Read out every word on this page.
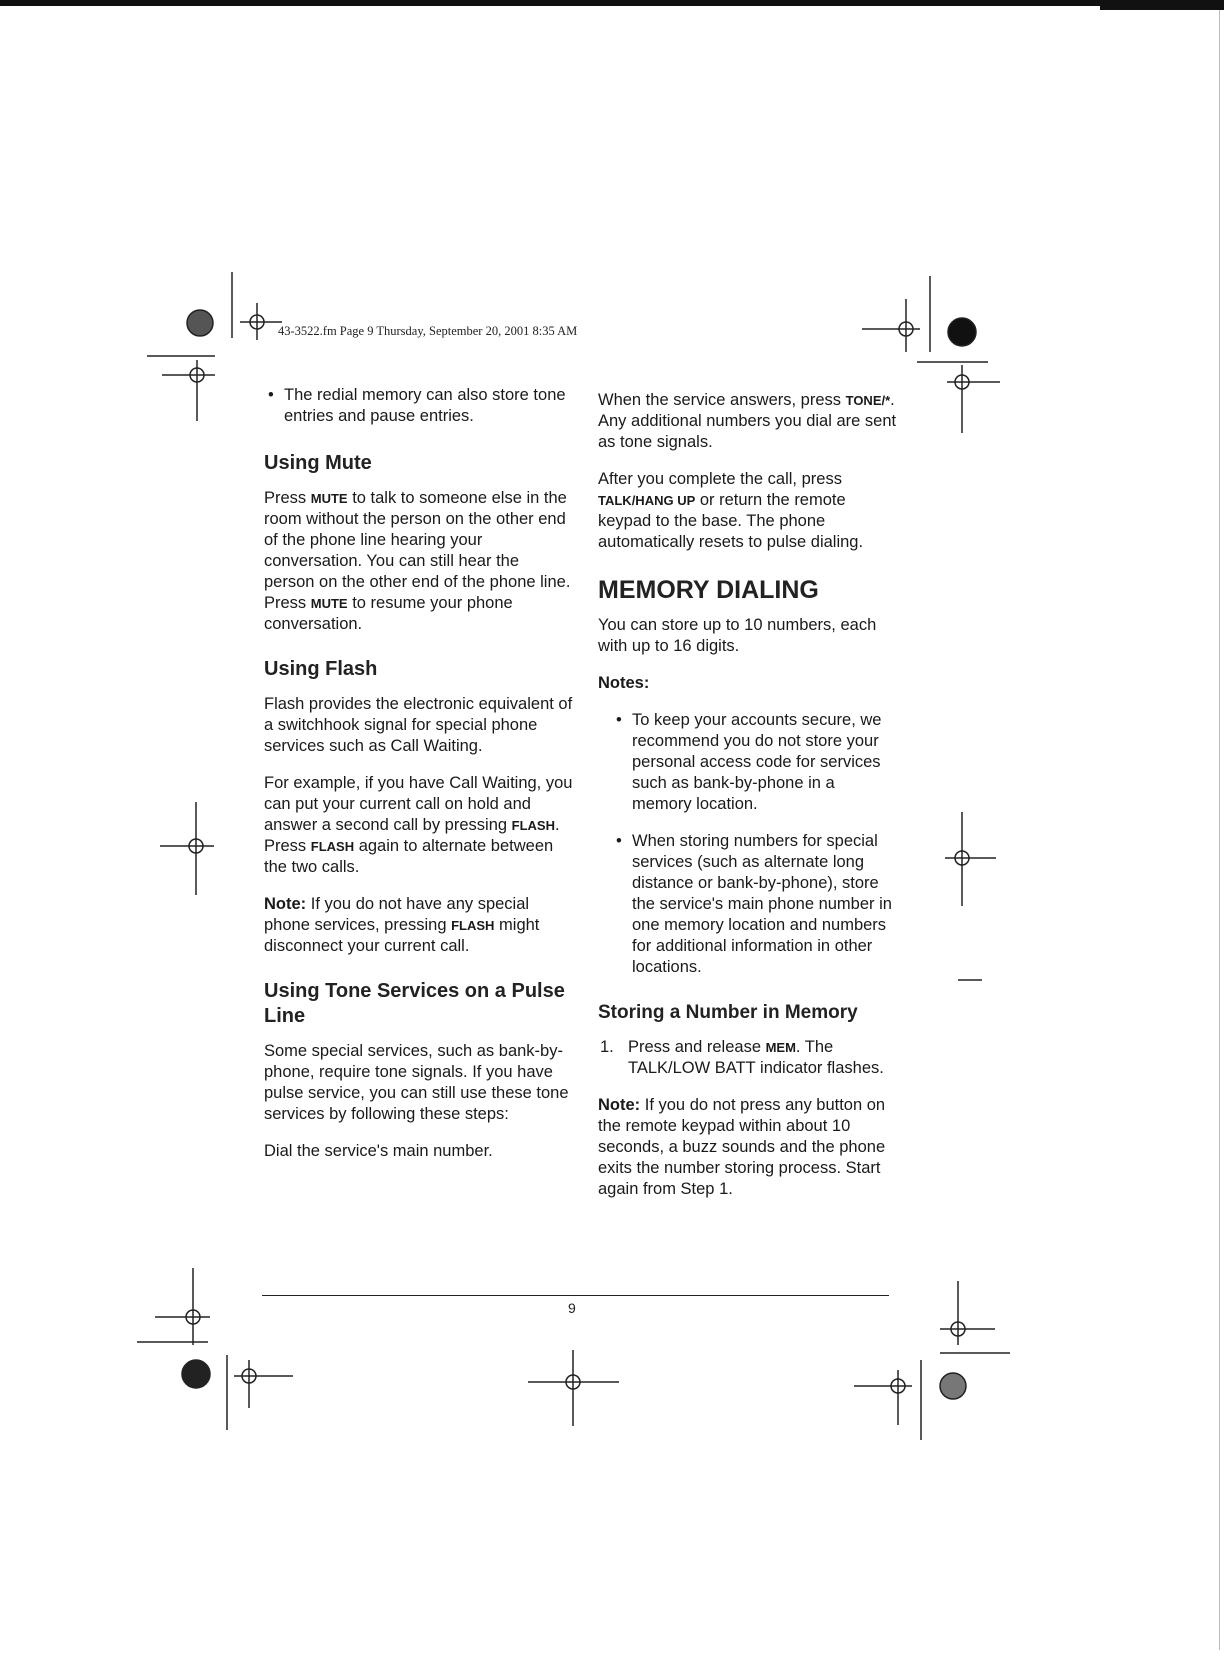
43-3522.fm Page 9 Thursday, September 20, 2001 8:35 AM

• The redial memory can also store tone entries and pause entries.

Using Mute

Press MUTE to talk to someone else in the room without the person on the other end of the phone line hearing your conversation. You can still hear the person on the other end of the phone line. Press MUTE to resume your phone conversation.

Using Flash

Flash provides the electronic equivalent of a switchhook signal for special phone services such as Call Waiting.

For example, if you have Call Waiting, you can put your current call on hold and answer a second call by pressing FLASH. Press FLASH again to alternate between the two calls.

Note: If you do not have any special phone services, pressing FLASH might disconnect your current call.

Using Tone Services on a Pulse Line

Some special services, such as bank-by-phone, require tone signals. If you have pulse service, you can still use these tone services by following these steps:

Dial the service's main number.

When the service answers, press TONE/*. Any additional numbers you dial are sent as tone signals.

After you complete the call, press TALK/HANG UP or return the remote keypad to the base. The phone automatically resets to pulse dialing.

MEMORY DIALING

You can store up to 10 numbers, each with up to 16 digits.

Notes:

• To keep your accounts secure, we recommend you do not store your personal access code for services such as bank-by-phone in a memory location.

• When storing numbers for special services (such as alternate long distance or bank-by-phone), store the service's main phone number in one memory location and numbers for additional information in other locations.

Storing a Number in Memory

1. Press and release MEM. The TALK/LOW BATT indicator flashes.

Note: If you do not press any button on the remote keypad within about 10 seconds, a buzz sounds and the phone exits the number storing process. Start again from Step 1.

9
